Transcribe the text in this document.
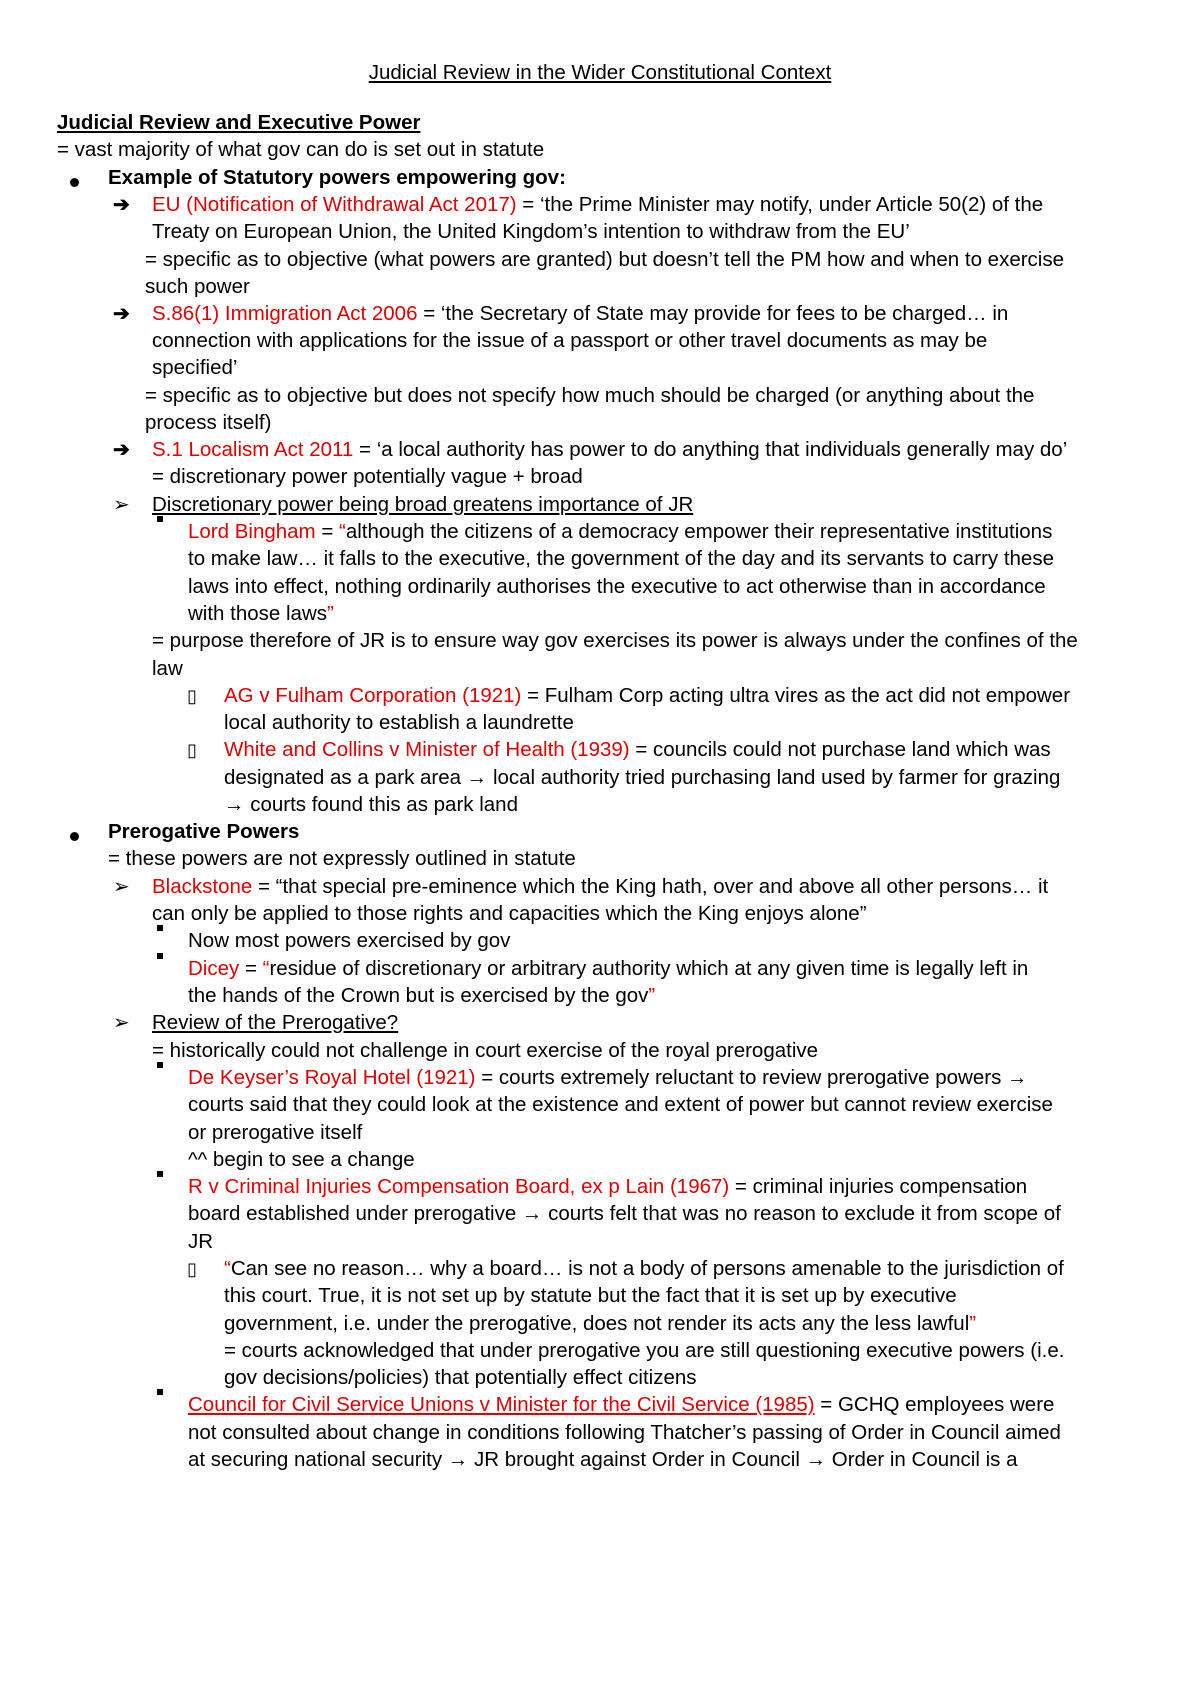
Judicial Review in the Wider Constitutional Context
Judicial Review and Executive Power
= vast majority of what gov can do is set out in statute
Example of Statutory powers empowering gov:
➔ EU (Notification of Withdrawal Act 2017) = ‘the Prime Minister may notify, under Article 50(2) of the
Treaty on European Union, the United Kingdom’s intention to withdraw from the EU’
= specific as to objective (what powers are granted) but doesn’t tell the PM how and when to exercise
such power
➔ S.86(1) Immigration Act 2006 = ‘the Secretary of State may provide for fees to be charged… in
connection with applications for the issue of a passport or other travel documents as may be
specified’
= specific as to objective but does not specify how much should be charged (or anything about the
process itself)
➔ S.1 Localism Act 2011 = ‘a local authority has power to do anything that individuals generally may do’
= discretionary power potentially vague + broad
➢ Discretionary power being broad greatens importance of JR
Lord Bingham = “although the citizens of a democracy empower their representative institutions
to make law… it falls to the executive, the government of the day and its servants to carry these
laws into effect, nothing ordinarily authorises the executive to act otherwise than in accordance
with those laws”
= purpose therefore of JR is to ensure way gov exercises its power is always under the confines of the
law
▯ AG v Fulham Corporation (1921) = Fulham Corp acting ultra vires as the act did not empower
local authority to establish a laundrette
▯ White and Collins v Minister of Health (1939) = councils could not purchase land which was
designated as a park area → local authority tried purchasing land used by farmer for grazing
→ courts found this as park land
Prerogative Powers
= these powers are not expressly outlined in statute
➢ Blackstone = “that special pre-eminence which the King hath, over and above all other persons… it
can only be applied to those rights and capacities which the King enjoys alone”
Now most powers exercised by gov
Dicey = “residue of discretionary or arbitrary authority which at any given time is legally left in
the hands of the Crown but is exercised by the gov”
➢ Review of the Prerogative?
= historically could not challenge in court exercise of the royal prerogative
De Keyser’s Royal Hotel (1921) = courts extremely reluctant to review prerogative powers →
courts said that they could look at the existence and extent of power but cannot review exercise
or prerogative itself
^^ begin to see a change
R v Criminal Injuries Compensation Board, ex p Lain (1967) = criminal injuries compensation
board established under prerogative → courts felt that was no reason to exclude it from scope of
JR
▯ “Can see no reason… why a board… is not a body of persons amenable to the jurisdiction of
this court. True, it is not set up by statute but the fact that it is set up by executive
government, i.e. under the prerogative, does not render its acts any the less lawful”
= courts acknowledged that under prerogative you are still questioning executive powers (i.e.
gov decisions/policies) that potentially effect citizens
Council for Civil Service Unions v Minister for the Civil Service (1985) = GCHQ employees were
not consulted about change in conditions following Thatcher’s passing of Order in Council aimed
at securing national security → JR brought against Order in Council → Order in Council is a
